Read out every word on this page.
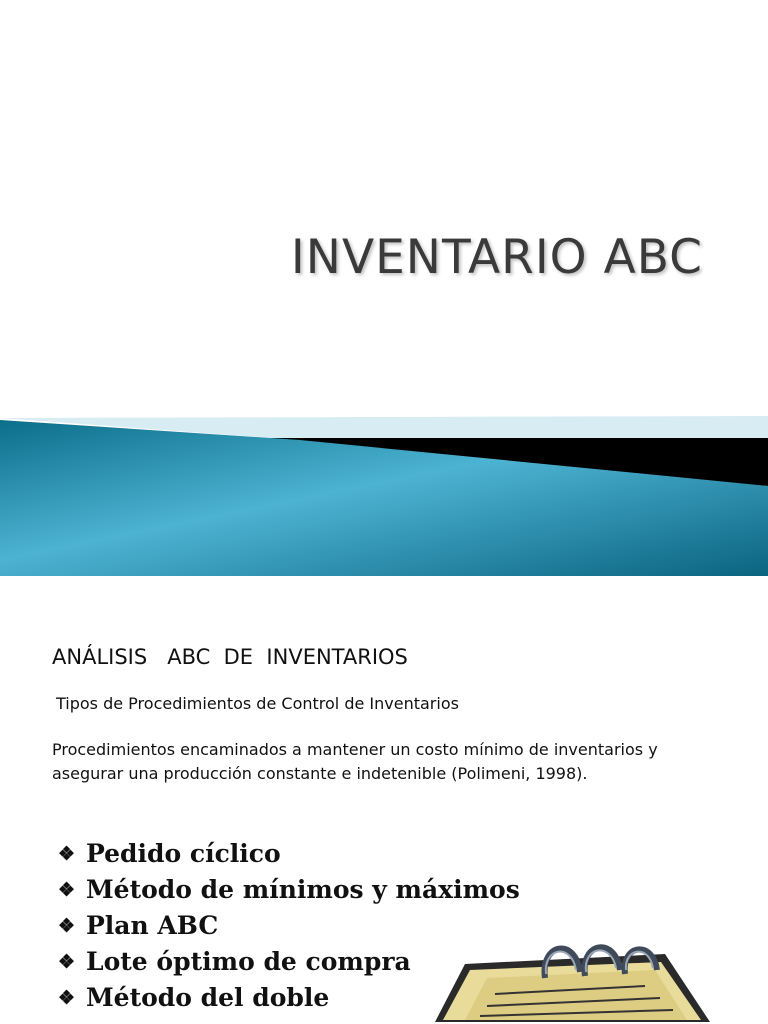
INVENTARIO ABC
ANÁLISIS   ABC  DE  INVENTARIOS
Tipos de Procedimientos de Control de Inventarios
Procedimientos encaminados a mantener un costo mínimo de inventarios y asegurar una producción constante e indetenible (Polimeni, 1998).
❖ Pedido cíclico
❖ Método de mínimos y máximos
❖ Plan ABC
❖ Lote óptimo de compra
❖ Método del doble
